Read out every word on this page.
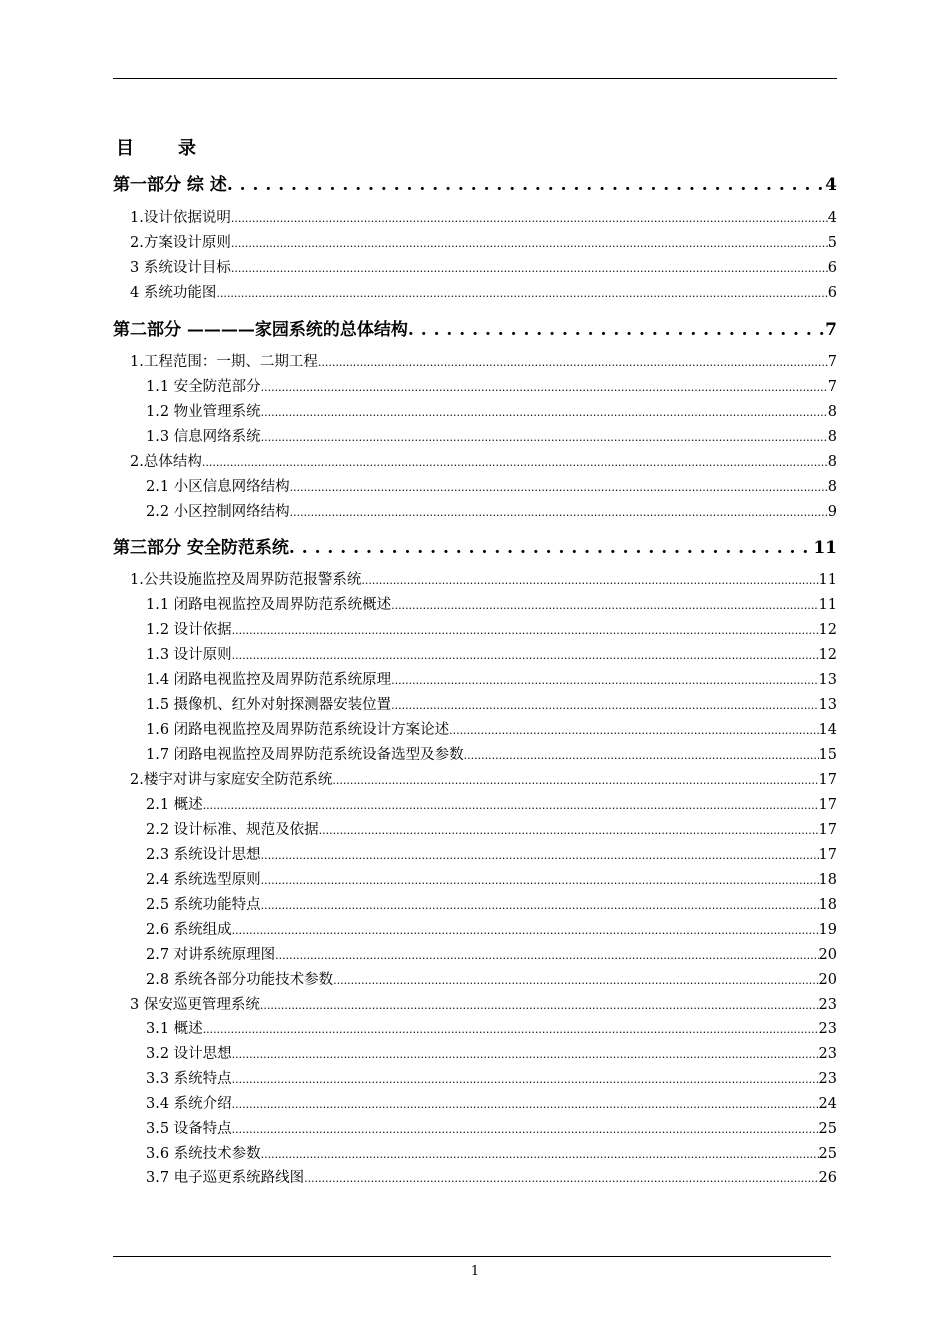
目 录
第一部分 综 述 . . .	4
1.设计依据说明 .....	4
2.方案设计原则 .....	5
3 系统设计目标 .....	6
4 系统功能图 .....	6
第二部分 ————家园系统的总体结构 . . .	7
1.工程范围：一期、二期工程 .....	7
1.1 安全防范部分 .....	7
1.2 物业管理系统 .....	8
1.3 信息网络系统 .....	8
2.总体结构 .....	8
2.1 小区信息网络结构 .....	8
2.2 小区控制网络结构 .....	9
第三部分 安全防范系统 . . .	11
1.公共设施监控及周界防范报警系统 .....	11
1.1 闭路电视监控及周界防范系统概述 .....	11
1.2 设计依据 .....	12
1.3 设计原则 .....	12
1.4 闭路电视监控及周界防范系统原理 .....	13
1.5 摄像机、红外对射探测器安装位置 .....	13
1.6 闭路电视监控及周界防范系统设计方案论述 .....	14
1.7 闭路电视监控及周界防范系统设备选型及参数 .....	15
2.楼宇对讲与家庭安全防范系统 .....	17
2.1 概述 .....	17
2.2 设计标准、规范及依据 .....	17
2.3 系统设计思想 .....	17
2.4 系统选型原则 .....	18
2.5 系统功能特点 .....	18
2.6 系统组成 .....	19
2.7 对讲系统原理图 .....	20
2.8 系统各部分功能技术参数 .....	20
3 保安巡更管理系统 .....	23
3.1 概述 .....	23
3.2 设计思想 .....	23
3.3 系统特点 .....	23
3.4 系统介绍 .....	24
3.5 设备特点 .....	25
3.6 系统技术参数 .....	25
3.7 电子巡更系统路线图 .....	26
1
